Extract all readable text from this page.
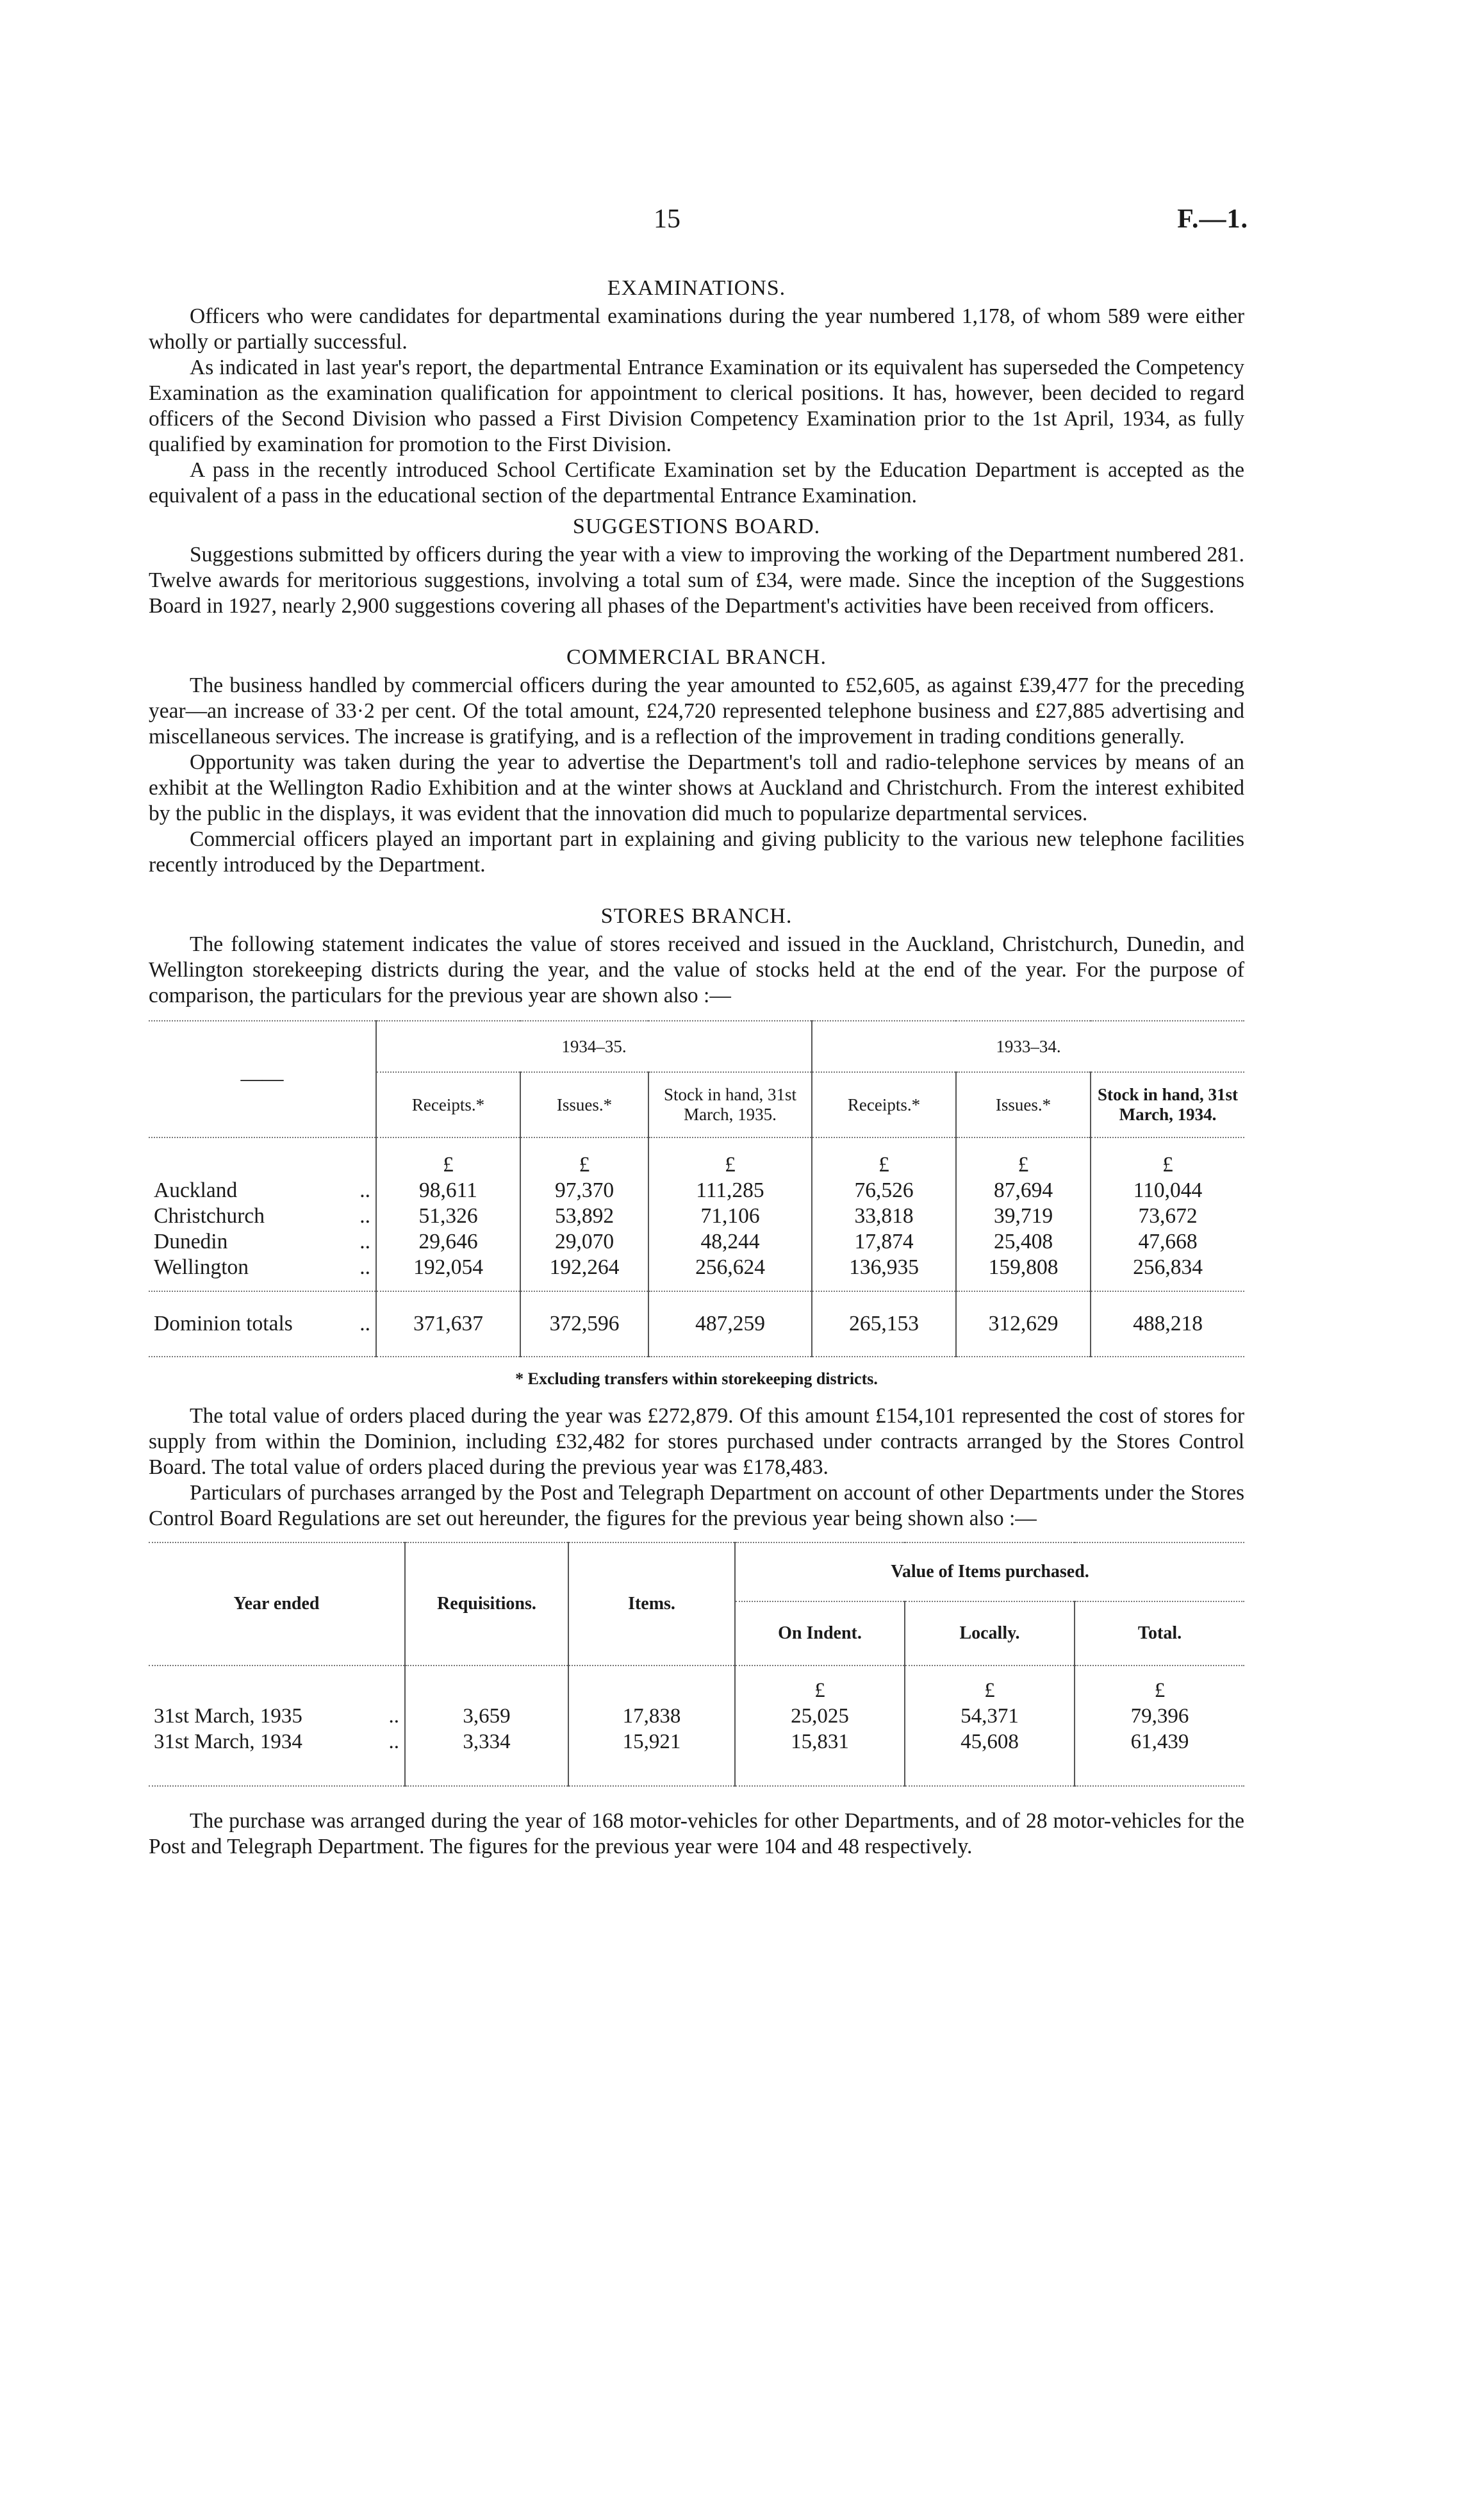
15	F.—1.
EXAMINATIONS.

Officers who were candidates for departmental examinations during the year numbered 1,178, of whom 589 were either wholly or partially successful.

As indicated in last year's report, the departmental Entrance Examination or its equivalent has superseded the Competency Examination as the examination qualification for appointment to clerical positions. It has, however, been decided to regard officers of the Second Division who passed a First Division Competency Examination prior to the 1st April, 1934, as fully qualified by examination for promotion to the First Division.

A pass in the recently introduced School Certificate Examination set by the Education Department is accepted as the equivalent of a pass in the educational section of the departmental Entrance Examination.

SUGGESTIONS BOARD.

Suggestions submitted by officers during the year with a view to improving the working of the Department numbered 281. Twelve awards for meritorious suggestions, involving a total sum of £34, were made. Since the inception of the Suggestions Board in 1927, nearly 2,900 suggestions covering all phases of the Department's activities have been received from officers.

COMMERCIAL BRANCH.

The business handled by commercial officers during the year amounted to £52,605, as against £39,477 for the preceding year—an increase of 33·2 per cent. Of the total amount, £24,720 represented telephone business and £27,885 advertising and miscellaneous services. The increase is gratifying, and is a reflection of the improvement in trading conditions generally.

Opportunity was taken during the year to advertise the Department's toll and radio-telephone services by means of an exhibit at the Wellington Radio Exhibition and at the winter shows at Auckland and Christchurch. From the interest exhibited by the public in the displays, it was evident that the innovation did much to popularize departmental services.

Commercial officers played an important part in explaining and giving publicity to the various new telephone facilities recently introduced by the Department.

STORES BRANCH.

The following statement indicates the value of stores received and issued in the Auckland, Christchurch, Dunedin, and Wellington storekeeping districts during the year, and the value of stocks held at the end of the year. For the purpose of comparison, the particulars for the previous year are shown also :—

——	1934–35.			1933–34.		
	Receipts.*	Issues.*	Stock in hand, 31st March, 1935.	Receipts.*	Issues.*	Stock in hand, 31st March, 1934.
	£	£	£	£	£	£
Auckland ..	98,611	97,370	111,285	76,526	87,694	110,044
Christchurch ..	51,326	53,892	71,106	33,818	39,719	73,672
Dunedin ..	29,646	29,070	48,244	17,874	25,408	47,668
Wellington ..	192,054	192,264	256,624	136,935	159,808	256,834
Dominion totals ..	371,637	372,596	487,259	265,153	312,629	488,218
* Excluding transfers within storekeeping districts.

The total value of orders placed during the year was £272,879. Of this amount £154,101 represented the cost of stores for supply from within the Dominion, including £32,482 for stores purchased under contracts arranged by the Stores Control Board. The total value of orders placed during the previous year was £178,483.

Particulars of purchases arranged by the Post and Telegraph Department on account of other Departments under the Stores Control Board Regulations are set out hereunder, the figures for the previous year being shown also :—

Year ended	Requisitions.	Items.	Value of Items purchased.		
			On Indent.	Locally.	Total.
			£	£	£
31st March, 1935 ..	3,659	17,838	25,025	54,371	79,396
31st March, 1934 ..	3,334	15,921	15,831	45,608	61,439

The purchase was arranged during the year of 168 motor-vehicles for other Departments, and of 28 motor-vehicles for the Post and Telegraph Department. The figures for the previous year were 104 and 48 respectively.
